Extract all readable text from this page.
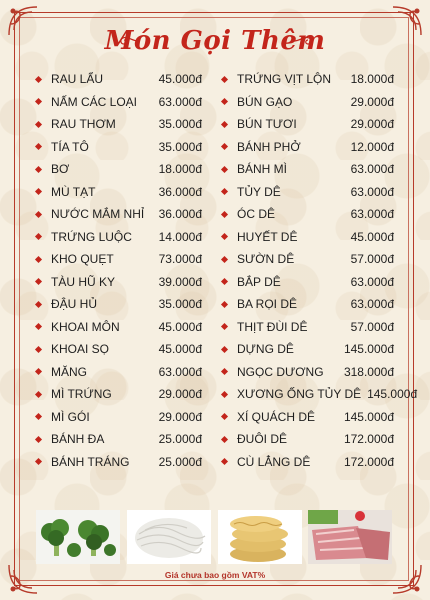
Món Gọi Thêm
RAU LẨU	45.000đ
NẤM CÁC LOẠI	63.000đ
RAU THƠM	35.000đ
TÍA TÔ	35.000đ
BƠ	18.000đ
MÙ TẠT	36.000đ
NƯỚC MẮM NHỈ	36.000đ
TRỨNG LUỘC	14.000đ
KHO QUẸT	73.000đ
TÀU HŨ KY	39.000đ
ĐẬU HỦ	35.000đ
KHOAI MÔN	45.000đ
KHOAI SỌ	45.000đ
MĂNG	63.000đ
MÌ TRỨNG	29.000đ
MÌ GÓI	29.000đ
BÁNH ĐA	25.000đ
BÁNH TRÁNG	25.000đ
TRỨNG VỊT LỘN	18.000đ
BÚN GẠO	29.000đ
BÚN TƯƠI	29.000đ
BÁNH PHỞ	12.000đ
BÁNH MÌ	63.000đ
TỦY DÊ	63.000đ
ÓC DÊ	63.000đ
HUYẾT DÊ	45.000đ
SƯỜN DÊ	57.000đ
BẮP DÊ	63.000đ
BA RỌI DÊ	63.000đ
THỊT ĐÙI DÊ	57.000đ
DỰNG DÊ	145.000đ
NGỌC DƯƠNG	318.000đ
XƯƠNG ỐNG TỦY DÊ 145.000đ
XÍ QUÁCH DÊ	145.000đ
ĐUÔI DÊ	172.000đ
CÙ LẲNG DÊ	172.000đ
Giá chưa bao gồm VAT%
